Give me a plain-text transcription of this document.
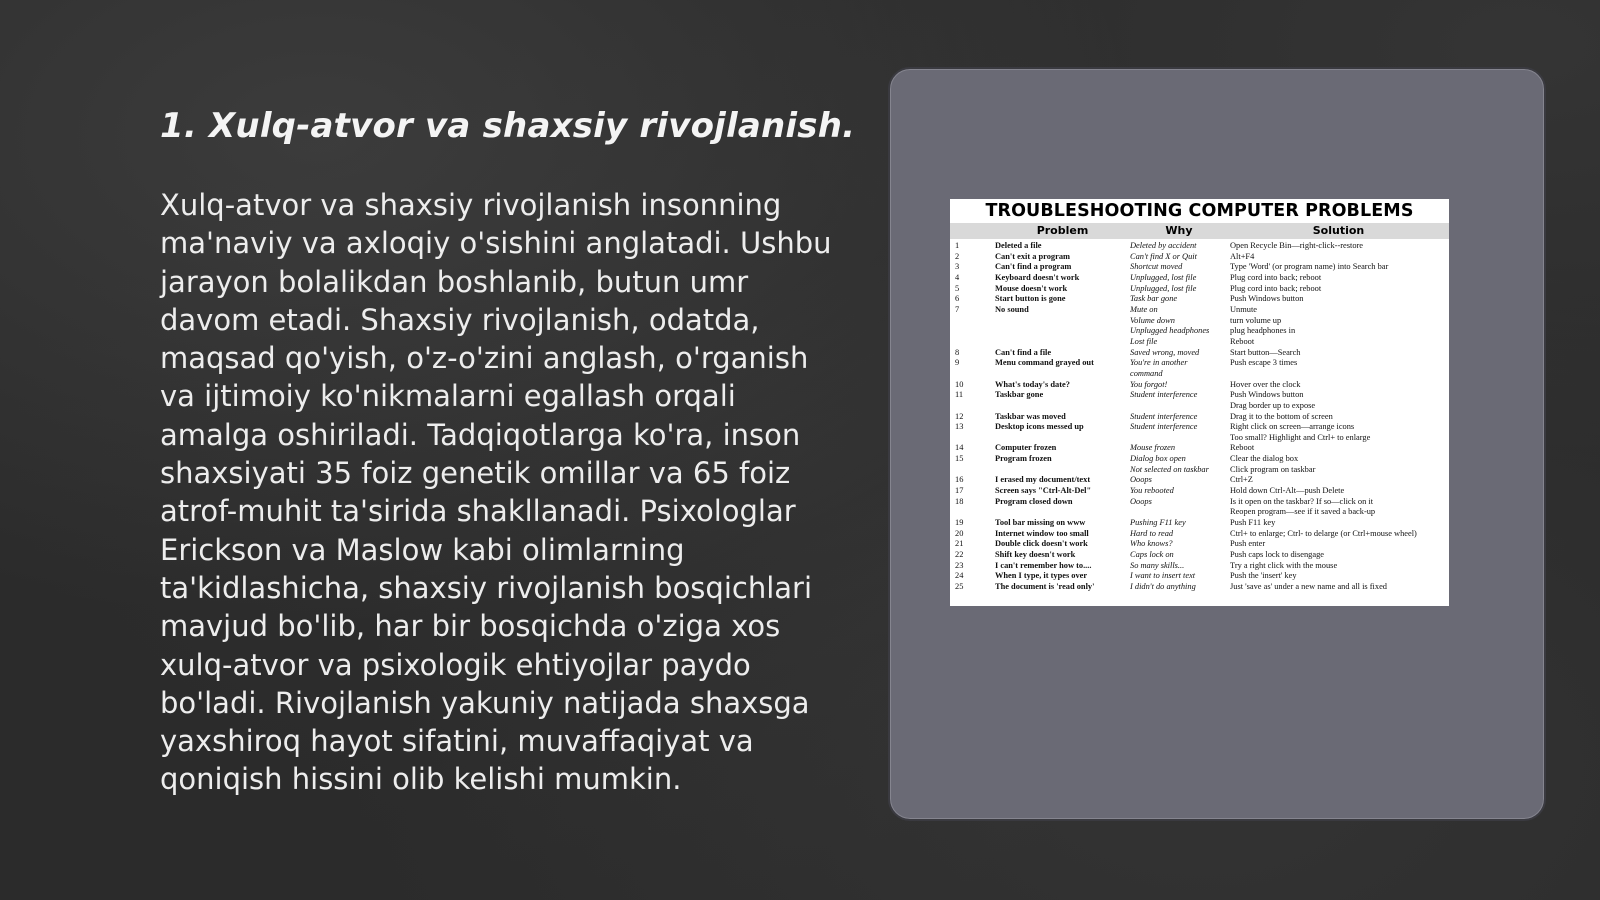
1. Xulq-atvor va shaxsiy rivojlanish.

Xulq-atvor va shaxsiy rivojlanish insonning ma'naviy va axloqiy o'sishini anglatadi. Ushbu jarayon bolalikdan boshlanib, butun umr davom etadi. Shaxsiy rivojlanish, odatda, maqsad qo'yish, o'z-o'zini anglash, o'rganish va ijtimoiy ko'nikmalarni egallash orqali amalga oshiriladi. Tadqiqotlarga ko'ra, inson shaxsiyati 35 foiz genetik omillar va 65 foiz atrof-muhit ta'sirida shakllanadi. Psixologlar Erickson va Maslow kabi olimlarning ta'kidlashicha, shaxsiy rivojlanish bosqichlari mavjud bo'lib, har bir bosqichda o'ziga xos xulq-atvor va psixologik ehtiyojlar paydo bo'ladi. Rivojlanish yakuniy natijada shaxsga yaxshiroq hayot sifatini, muvaffaqiyat va qoniqish hissini olib kelishi mumkin.

TROUBLESHOOTING COMPUTER PROBLEMS
	Problem	Why	Solution
1	Deleted a file	Deleted by accident	Open Recycle Bin—right-click--restore
2	Can't exit a program	Can't find X or Quit	Alt+F4
3	Can't find a program	Shortcut moved	Type 'Word' (or program name) into Search bar
4	Keyboard doesn't work	Unplugged, lost file	Plug cord into back; reboot
5	Mouse doesn't work	Unplugged, lost file	Plug cord into back; reboot
6	Start button is gone	Task bar gone	Push Windows button
7	No sound	Mute on	Unmute
		Volume down	turn volume up
		Unplugged headphones	plug headphones in
		Lost file	Reboot
8	Can't find a file	Saved wrong, moved	Start button—Search
9	Menu command grayed out	You're in another	Push escape 3 times
		command	
10	What's today's date?	You forgot!	Hover over the clock
11	Taskbar gone	Student interference	Push Windows button
			Drag border up to expose
12	Taskbar was moved	Student interference	Drag it to the bottom of screen
13	Desktop icons messed up	Student interference	Right click on screen—arrange icons
			Too small? Highlight and Ctrl+ to enlarge
14	Computer frozen	Mouse frozen	Reboot
15	Program frozen	Dialog box open	Clear the dialog box
		Not selected on taskbar	Click program on taskbar
16	I erased my document/text	Ooops	Ctrl+Z
17	Screen says "Ctrl-Alt-Del"	You rebooted	Hold down Ctrl-Alt—push Delete
18	Program closed down	Ooops	Is it open on the taskbar? If so—click on it
			Reopen program—see if it saved a back-up
19	Tool bar missing on www	Pushing F11 key	Push F11 key
20	Internet window too small	Hard to read	Ctrl+ to enlarge; Ctrl- to delarge (or Ctrl+mouse wheel)
21	Double click doesn't work	Who knows?	Push enter
22	Shift key doesn't work	Caps lock on	Push caps lock to disengage
23	I can't remember how to....	So many skills...	Try a right click with the mouse
24	When I type, it types over	I want to insert text	Push the 'insert' key
25	The document is 'read only'	I didn't do anything	Just 'save as' under a new name and all is fixed
